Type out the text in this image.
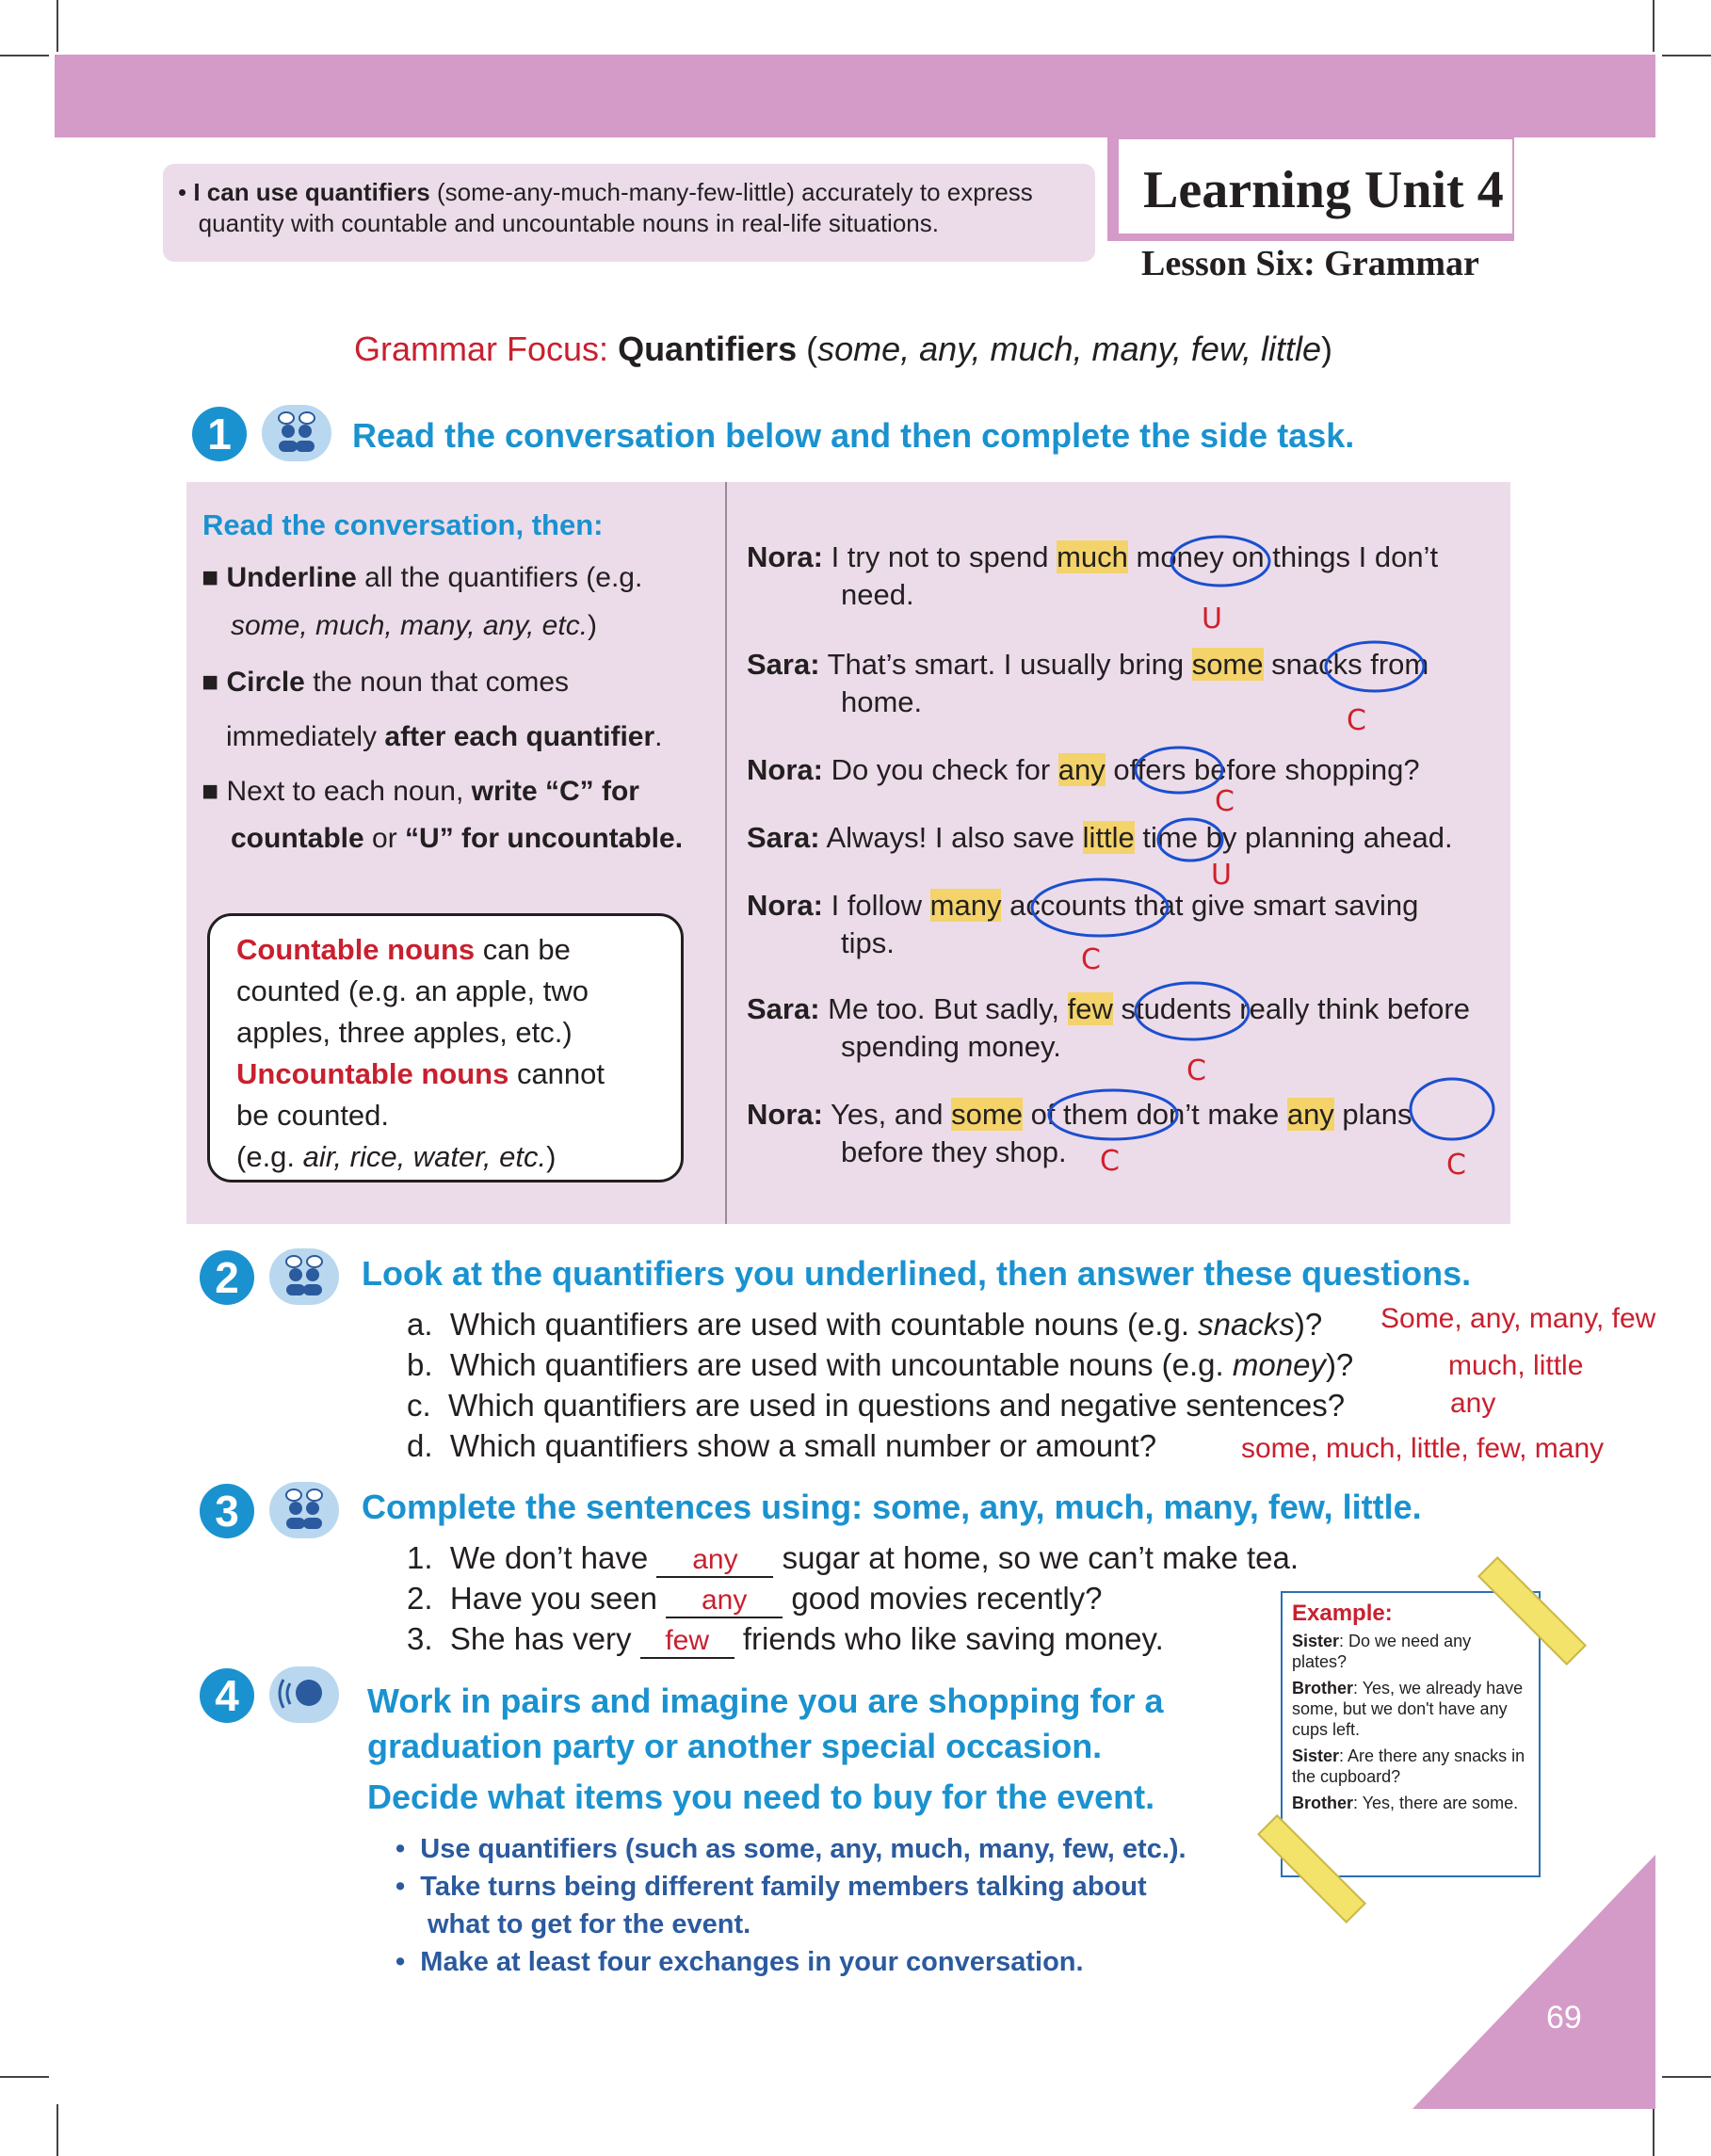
Learning Unit 4
Lesson Six: Grammar

• I can use quantifiers (some-any-much-many-few-little) accurately to express
quantity with countable and uncountable nouns in real-life situations.

Grammar Focus: Quantifiers (some, any, much, many, few, little)
1	Read the conversation below and then complete the side task.
Read the conversation, then:
■ Underline all the quantifiers (e.g.
some, much, many, any, etc.)
■ Circle the noun that comes
immediately after each quantifier.
■ Next to each noun, write “C” for
countable or “U” for uncountable.

Countable nouns can be
counted (e.g. an apple, two
apples, three apples, etc.)
Uncountable nouns cannot
be counted.
(e.g. air, rice, water, etc.)

Nora: I try not to spend much money on things I don’t
need.
U
Sara: That’s smart. I usually bring some snacks from
home.
C
Nora: Do you check for any offers before shopping?
C
Sara: Always! I also save little time by planning ahead.
U
Nora: I follow many accounts that give smart saving
tips.
C
Sara: Me too. But sadly, few students really think before
spending money.
C
Nora: Yes, and some of them don’t make any plans
before they shop. C	C
2	Look at the quantifiers you underlined, then answer these questions.
a. Which quantifiers are used with countable nouns (e.g. snacks)? Some, any, many, few
b. Which quantifiers are used with uncountable nouns (e.g. money)?	much, little
c. Which quantifiers are used in questions and negative sentences?	any
d. Which quantifiers show a small number or amount?	some, much, little, few, many
3	Complete the sentences using: some, any, much, many, few, little.
1. We don’t have any sugar at home, so we can’t make tea.
2. Have you seen any good movies recently?
3. She has very few friends who like saving money.
4	Work in pairs and imagine you are shopping for a
graduation party or another special occasion.
Decide what items you need to buy for the event.
•  Use quantifiers (such as some, any, much, many, few, etc.).
•  Take turns being different family members talking about
what to get for the event.
•  Make at least four exchanges in your conversation.
Example:

Sister: Do we need any plates?

Brother: Yes, we already have some, but we don't have any cups left.

Sister: Are there any snacks in the cupboard?

Brother: Yes, there are some.

69
